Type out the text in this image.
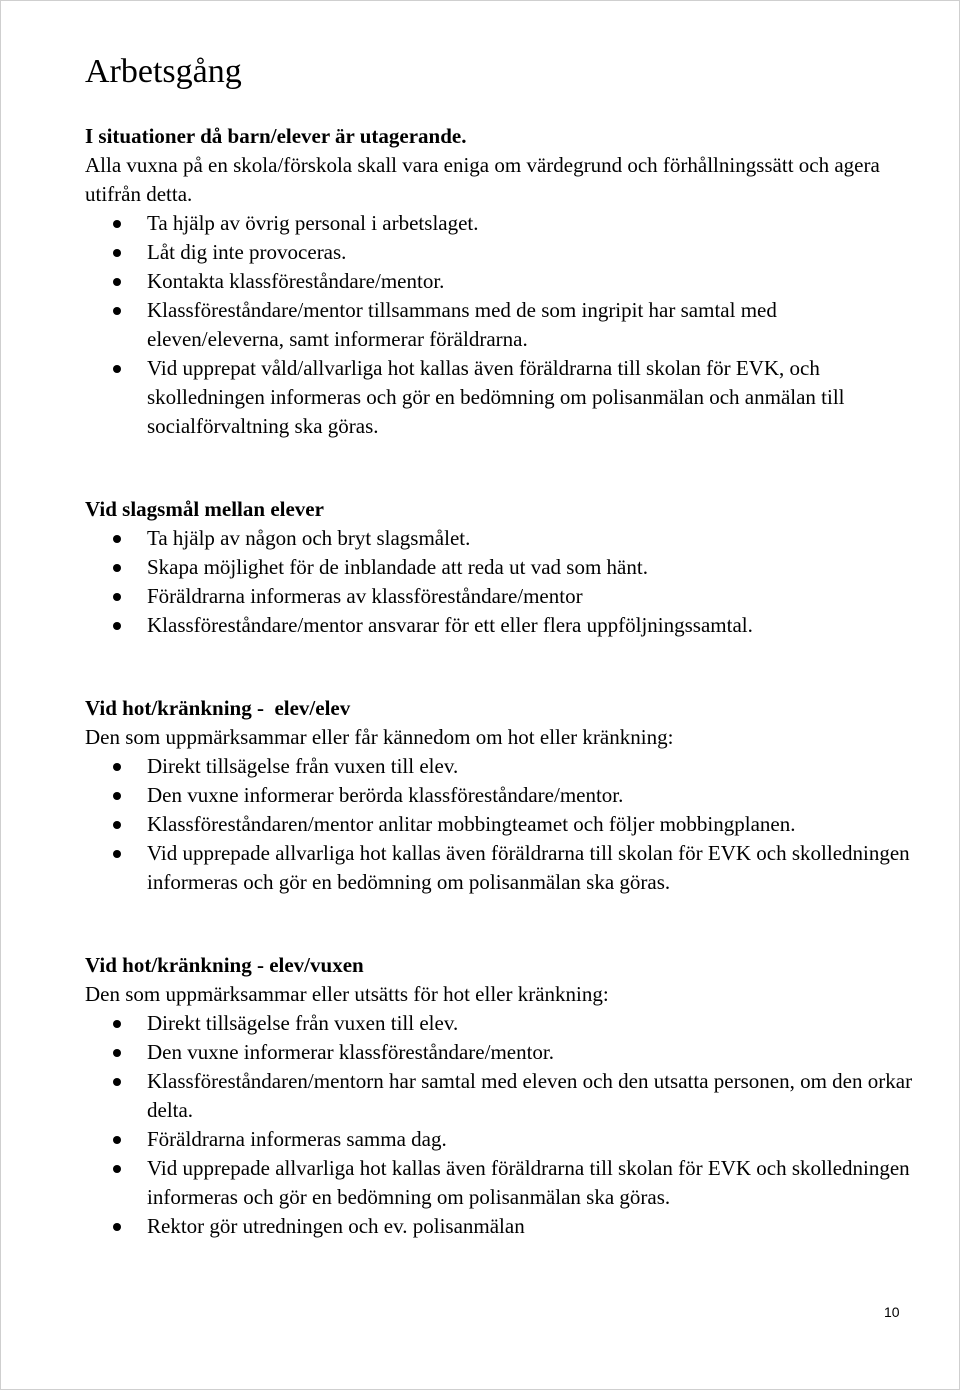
Arbetsgång

I situationer då barn/elever är utagerande.

Alla vuxna på en skola/förskola skall vara eniga om värdegrund och förhållningssätt och agera utifrån detta.

Ta hjälp av övrig personal i arbetslaget.
Låt dig inte provoceras.
Kontakta klassföreståndare/mentor.
Klassföreståndare/mentor tillsammans med de som ingripit har samtal med eleven/eleverna, samt informerar föräldrarna.
Vid upprepat våld/allvarliga hot kallas även föräldrarna till skolan för EVK, och skolledningen informeras och gör en bedömning om polisanmälan och anmälan till socialförvaltning ska göras.

Vid slagsmål mellan elever

Ta hjälp av någon och bryt slagsmålet.
Skapa möjlighet för de inblandade att reda ut vad som hänt.
Föräldrarna informeras av klassföreståndare/mentor
Klassföreståndare/mentor ansvarar för ett eller flera uppföljningssamtal.

Vid hot/kränkning -  elev/elev

Den som uppmärksammar eller får kännedom om hot eller kränkning:

Direkt tillsägelse från vuxen till elev.
Den vuxne informerar berörda klassföreståndare/mentor.
Klassföreståndaren/mentor anlitar mobbingteamet och följer mobbingplanen.
Vid upprepade allvarliga hot kallas även föräldrarna till skolan för EVK och skolledningen informeras och gör en bedömning om polisanmälan ska göras.

Vid hot/kränkning - elev/vuxen

Den som uppmärksammar eller utsätts för hot eller kränkning:

Direkt tillsägelse från vuxen till elev.
Den vuxne informerar klassföreståndare/mentor.
Klassföreståndaren/mentorn har samtal med eleven och den utsatta personen, om den orkar delta.
Föräldrarna informeras samma dag.
Vid upprepade allvarliga hot kallas även föräldrarna till skolan för EVK och skolledningen informeras och gör en bedömning om polisanmälan ska göras.
Rektor gör utredningen och ev. polisanmälan
10
